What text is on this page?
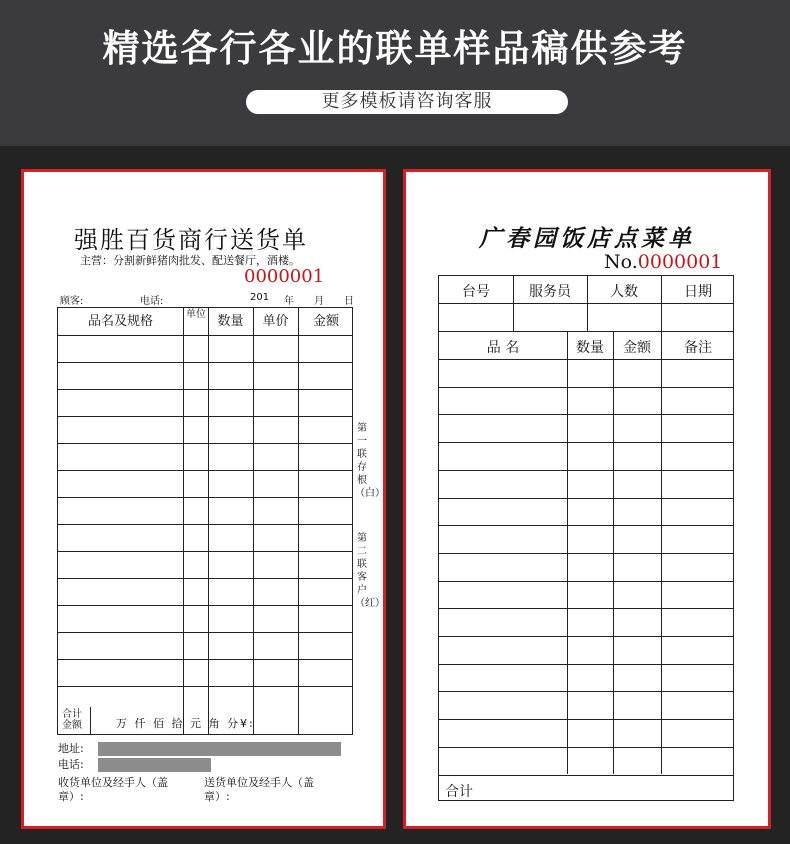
精选各行各业的联单样品稿供参考
更多模板请咨询客服
强胜百货商行送货单
主营：分割新鲜猪肉批发、配送餐厅，酒楼。
0000001
顾客:	电话:	201 年 月 日
品名及规格	单位 数量	单价	金额
合计金额	万 仟 佰 拾 元 角 分¥:
第一联存根（白）
第二联客户（红）
地址:
电话:
收货单位及经手人（盖章）:
送货单位及经手人（盖章）:
广春园饭店点菜单
No.0000001
台号	服务员	人数	日期
品 名	数量	金额	备注
合计
